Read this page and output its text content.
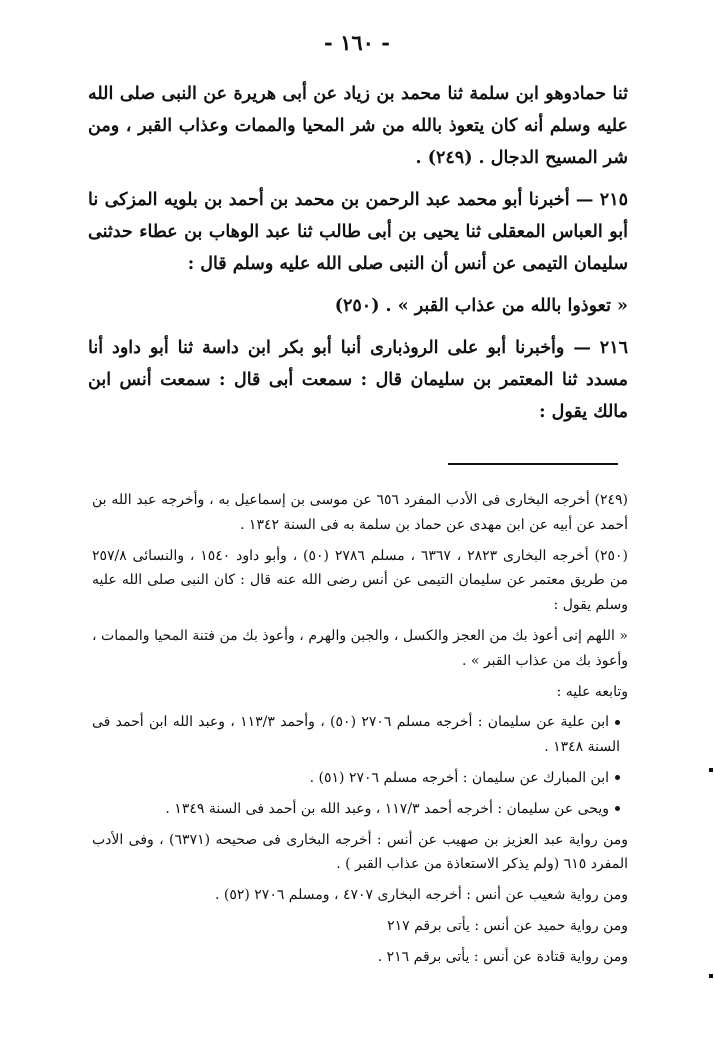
- ١٦٠ -

ثنا حمادوهو ابن سلمة ثنا محمد بن زياد عن أبى هريرة عن النبى صلى الله عليه وسلم أنه كان يتعوذ بالله من شر المحيا والممات وعذاب القبر ، ومن شر المسيح الدجال . (٢٤٩) .

٢١٥ — أخبرنا أبو محمد عبد الرحمن بن محمد بن أحمد بن بلويه المزكى نا أبو العباس المعقلى ثنا يحيى بن أبى طالب ثنا عبد الوهاب بن عطاء حدثنى سليمان التيمى عن أنس أن النبى صلى الله عليه وسلم قال :

« تعوذوا بالله من عذاب القبر » . (٢٥٠)

٢١٦ — وأخبرنا أبو على الروذبارى أنبا أبو بكر ابن داسة ثنا أبو داود أنا مسدد ثنا المعتمر بن سليمان قال : سمعت أبى قال : سمعت أنس ابن مالك يقول :

(٢٤٩) أخرجه البخارى فى الأدب المفرد ٦٥٦ عن موسى بن إسماعيل به ، وأخرجه عبد الله بن أحمد عن أبيه عن ابن مهدى عن حماد بن سلمة به فى السنة ١٣٤٢ .

(٢٥٠) أخرجه البخارى ٢٨٢٣ ، ٦٣٦٧ ، مسلم ٢٧٨٦ (٥٠) ، وأبو داود ١٥٤٠ ، والنسائى ٢٥٧/٨ من طريق معتمر عن سليمان التيمى عن أنس رضى الله عنه قال : كان النبى صلى الله عليه وسلم يقول :

« اللهم إنى أعوذ بك من العجز والكسل ، والجبن والهرم ، وأعوذ بك من فتنة المحيا والممات ، وأعوذ بك من عذاب القبر » .

وتابعه عليه :

ابن علية عن سليمان : أخرجه مسلم ٢٧٠٦ (٥٠) ، وأحمد ١١٣/٣ ، وعبد الله ابن أحمد فى السنة ١٣٤٨ .

ابن المبارك عن سليمان : أخرجه مسلم ٢٧٠٦ (٥١) .

ويحى عن سليمان : أخرجه أحمد ١١٧/٣ ، وعبد الله بن أحمد فى السنة ١٣٤٩ .

ومن رواية عبد العزيز بن صهيب عن أنس : أخرجه البخارى فى صحيحه (٦٣٧١) ، وفى الأدب المفرد ٦١٥ (ولم يذكر الاستعاذة من عذاب القبر ) .

ومن رواية شعيب عن أنس : أخرجه البخارى ٤٧٠٧ ، ومسلم ٢٧٠٦ (٥٢) .

ومن رواية حميد عن أنس : يأتى برقم ٢١٧

ومن رواية قتادة عن أنس : يأتى برقم ٢١٦ .
